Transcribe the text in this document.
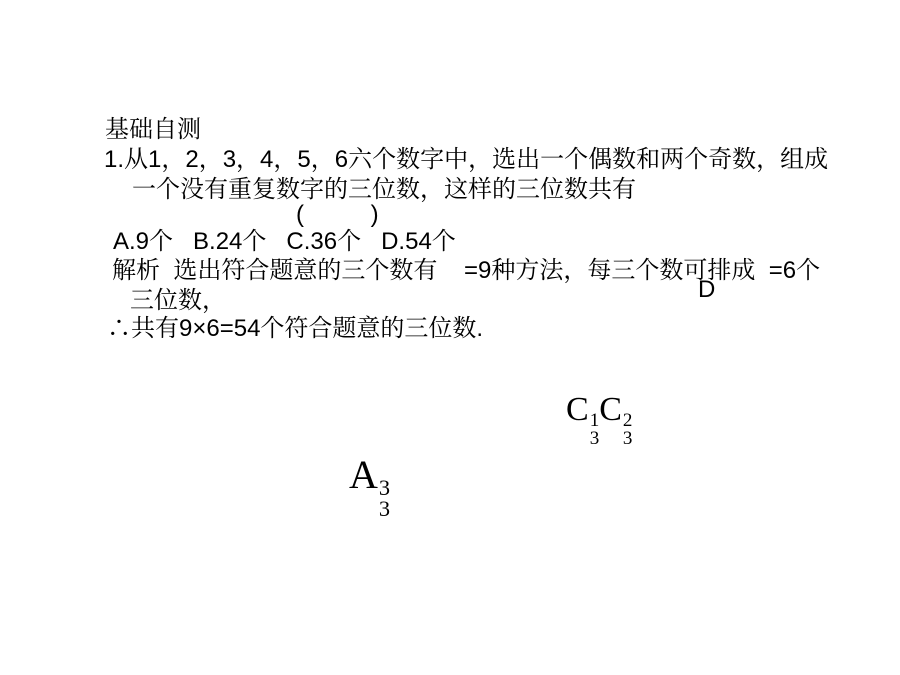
基础自测
1.从1，2，3，4，5，6六个数字中，选出一个偶数和两个奇数，组成
一个没有重复数字的三位数，这样的三位数共有
(          )
A.9个   B.24个   C.36个   D.54个
解析  选出符合题意的三个数有    =9种方法，每三个数可排成  =6个
D
三位数，
∴共有9×6=54个符合题意的三位数.
C 1
3
C 2
3
A 3
3
